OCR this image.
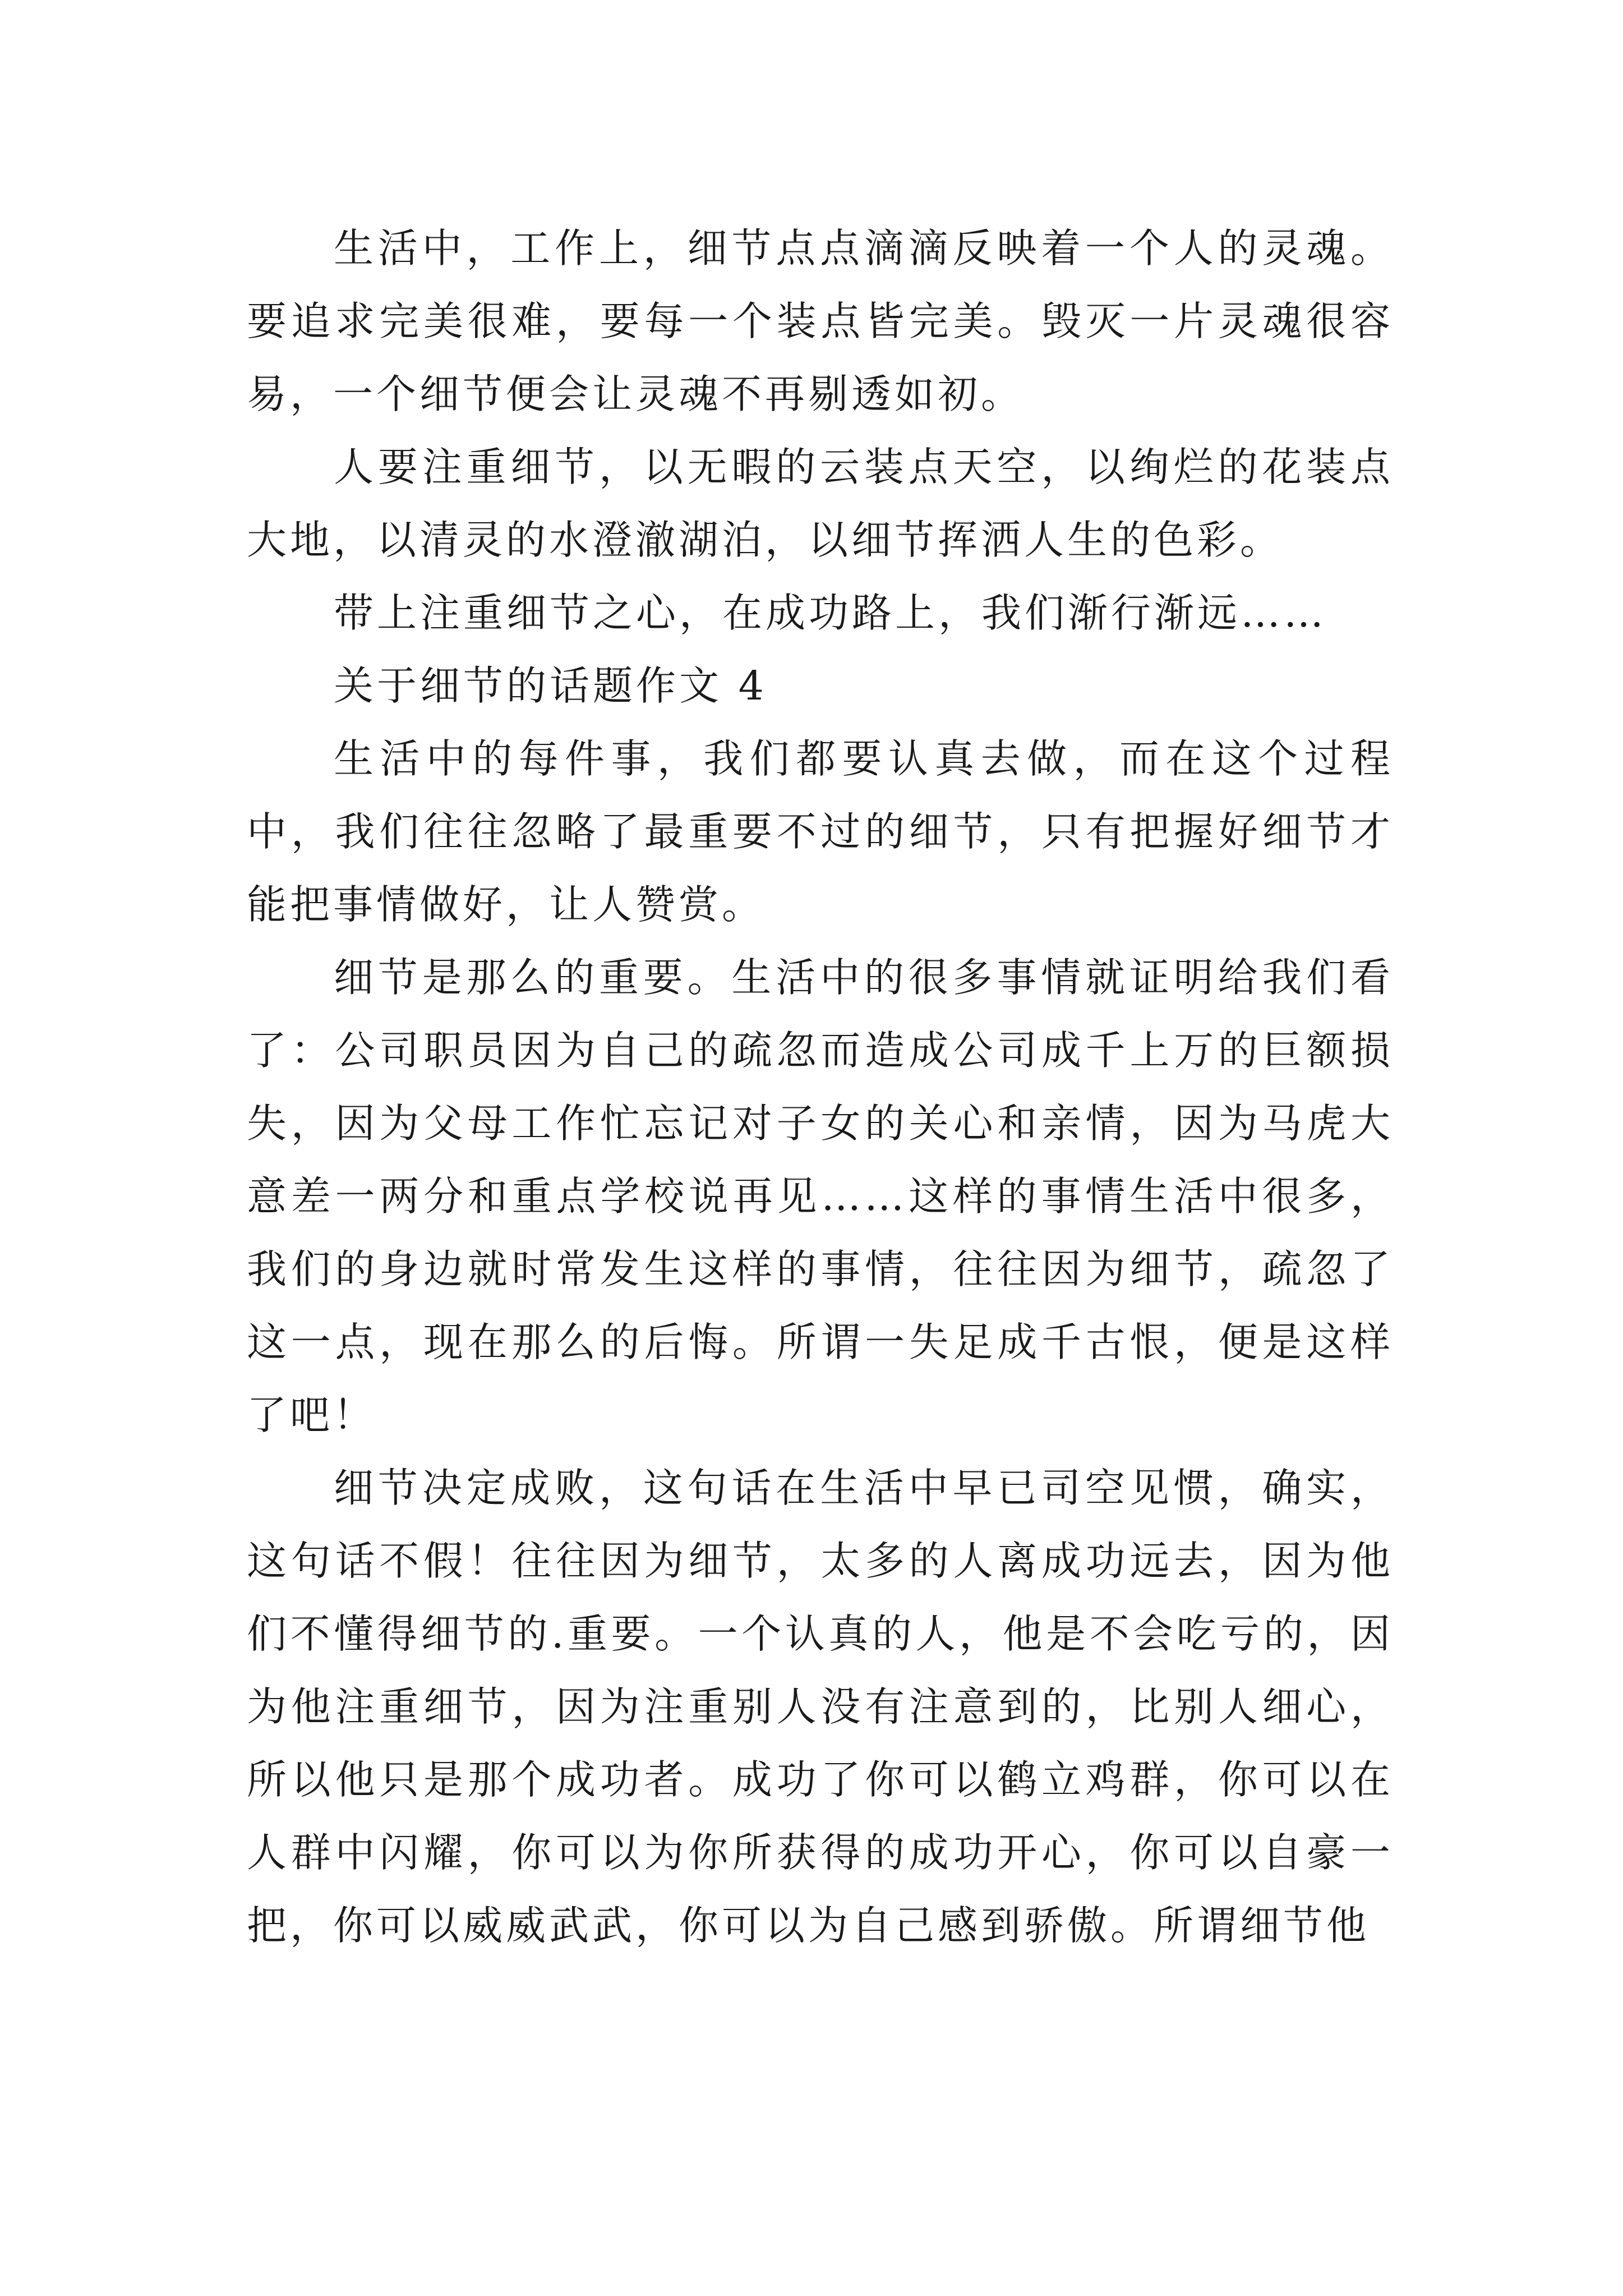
生活中，工作上，细节点点滴滴反映着一个人的灵魂。要追求完美很难，要每一个装点皆完美。毁灭一片灵魂很容易，一个细节便会让灵魂不再剔透如初。

人要注重细节，以无暇的云装点天空，以绚烂的花装点大地，以清灵的水澄澈湖泊，以细节挥洒人生的色彩。

带上注重细节之心，在成功路上，我们渐行渐远……

关于细节的话题作文 4

生活中的每件事，我们都要认真去做，而在这个过程中，我们往往忽略了最重要不过的细节，只有把握好细节才能把事情做好，让人赞赏。

细节是那么的重要。生活中的很多事情就证明给我们看了：公司职员因为自己的疏忽而造成公司成千上万的巨额损失，因为父母工作忙忘记对子女的关心和亲情，因为马虎大意差一两分和重点学校说再见……这样的事情生活中很多，我们的身边就时常发生这样的事情，往往因为细节，疏忽了这一点，现在那么的后悔。所谓一失足成千古恨，便是这样了吧！

细节决定成败，这句话在生活中早已司空见惯，确实，这句话不假！往往因为细节，太多的人离成功远去，因为他们不懂得细节的.重要。一个认真的人，他是不会吃亏的，因为他注重细节，因为注重别人没有注意到的，比别人细心，所以他只是那个成功者。成功了你可以鹤立鸡群，你可以在人群中闪耀，你可以为你所获得的成功开心，你可以自豪一把，你可以威威武武，你可以为自己感到骄傲。所谓细节他
